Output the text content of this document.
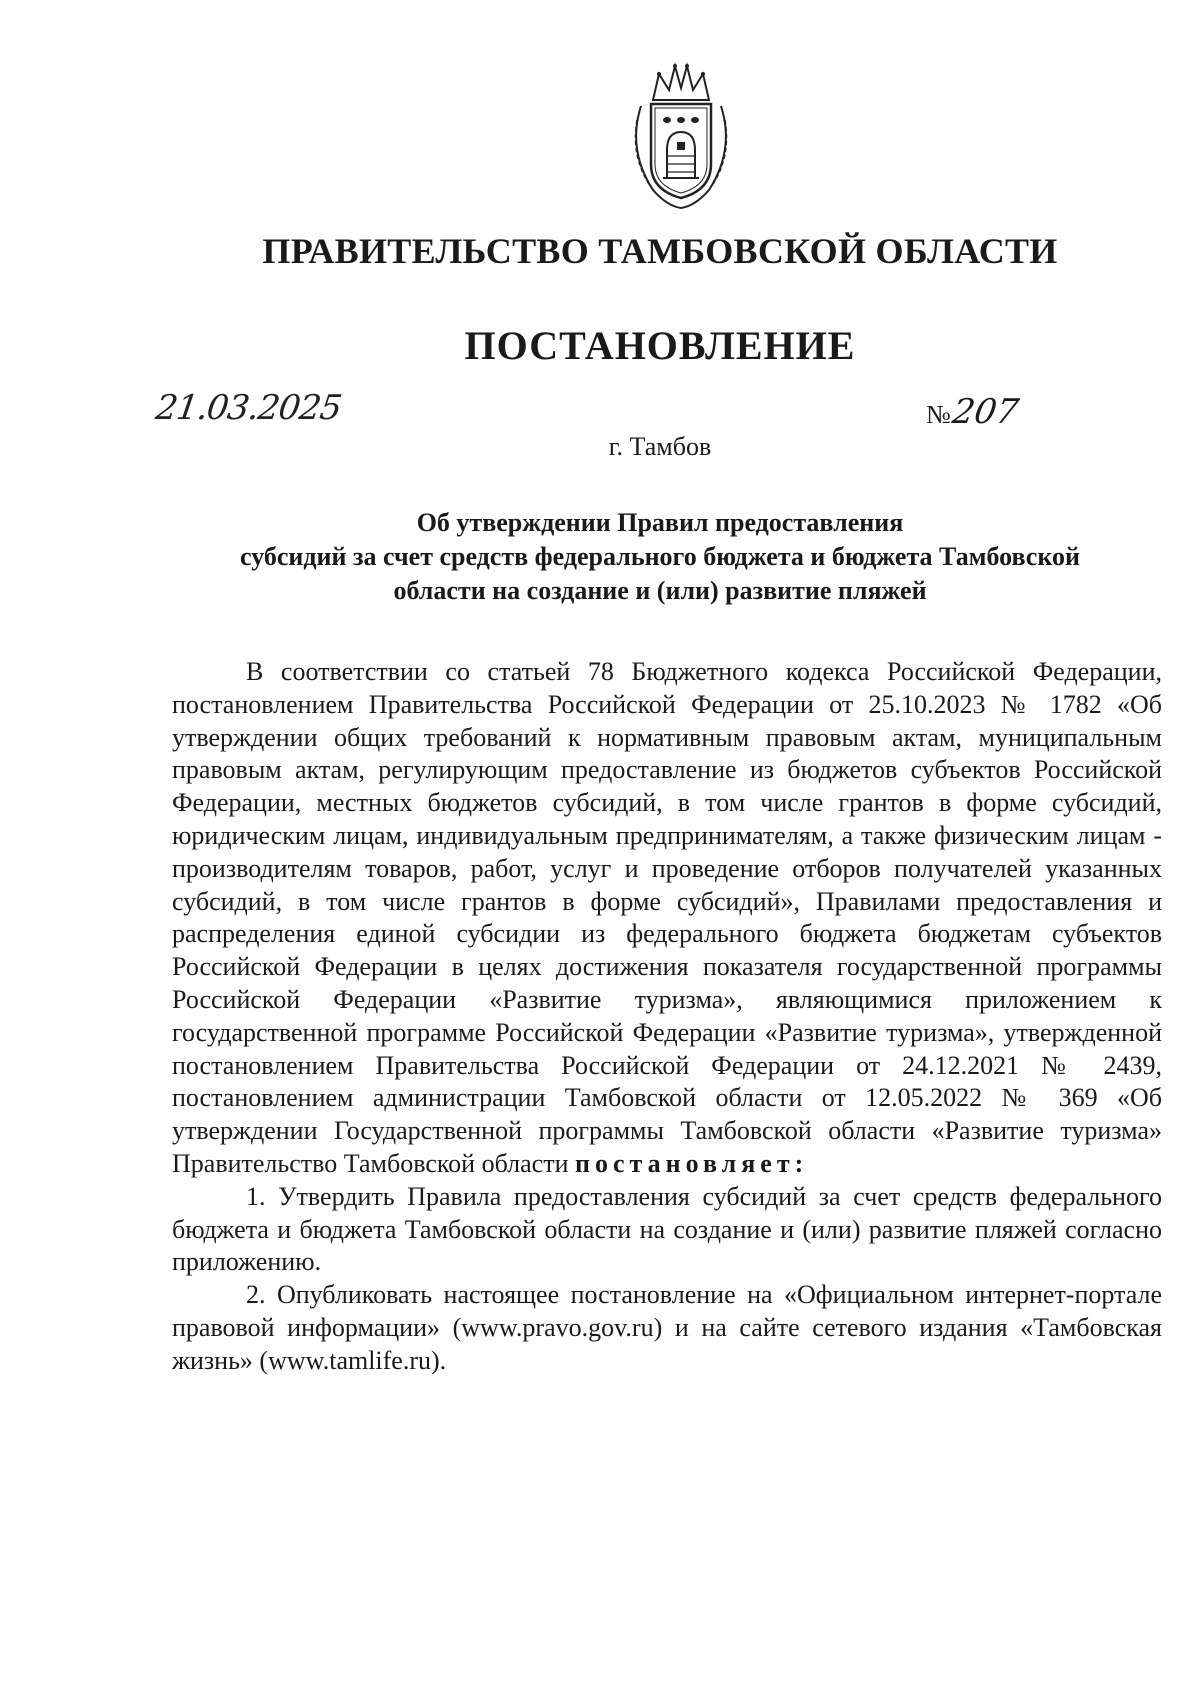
ПРАВИТЕЛЬСТВО ТАМБОВСКОЙ ОБЛАСТИ
ПОСТАНОВЛЕНИЕ
21.03.2025	№207
г. Тамбов
Об утверждении Правил предоставления
субсидий за счет средств федерального бюджета и бюджета Тамбовской
области на создание и (или) развитие пляжей

В соответствии со статьей 78 Бюджетного кодекса Российской Федерации, постановлением Правительства Российской Федерации от 25.10.2023 № 1782 «Об утверждении общих требований к нормативным правовым актам, муниципальным правовым актам, регулирующим предоставление из бюджетов субъектов Российской Федерации, местных бюджетов субсидий, в том числе грантов в форме субсидий, юридическим лицам, индивидуальным предпринимателям, а также физическим лицам - производителям товаров, работ, услуг и проведение отборов получателей указанных субсидий, в том числе грантов в форме субсидий», Правилами предоставления и распределения единой субсидии из федерального бюджета бюджетам субъектов Российской Федерации в целях достижения показателя государственной программы Российской Федерации «Развитие туризма», являющимися приложением к государственной программе Российской Федерации «Развитие туризма», утвержденной постановлением Правительства Российской Федерации от 24.12.2021 № 2439, постановлением администрации Тамбовской области от 12.05.2022 № 369 «Об утверждении Государственной программы Тамбовской области «Развитие туризма» Правительство Тамбовской области постановляет:

1. Утвердить Правила предоставления субсидий за счет средств федерального бюджета и бюджета Тамбовской области на создание и (или) развитие пляжей согласно приложению.

2. Опубликовать настоящее постановление на «Официальном интернет-портале правовой информации» (www.pravo.gov.ru) и на сайте сетевого издания «Тамбовская жизнь» (www.tamlife.ru).
